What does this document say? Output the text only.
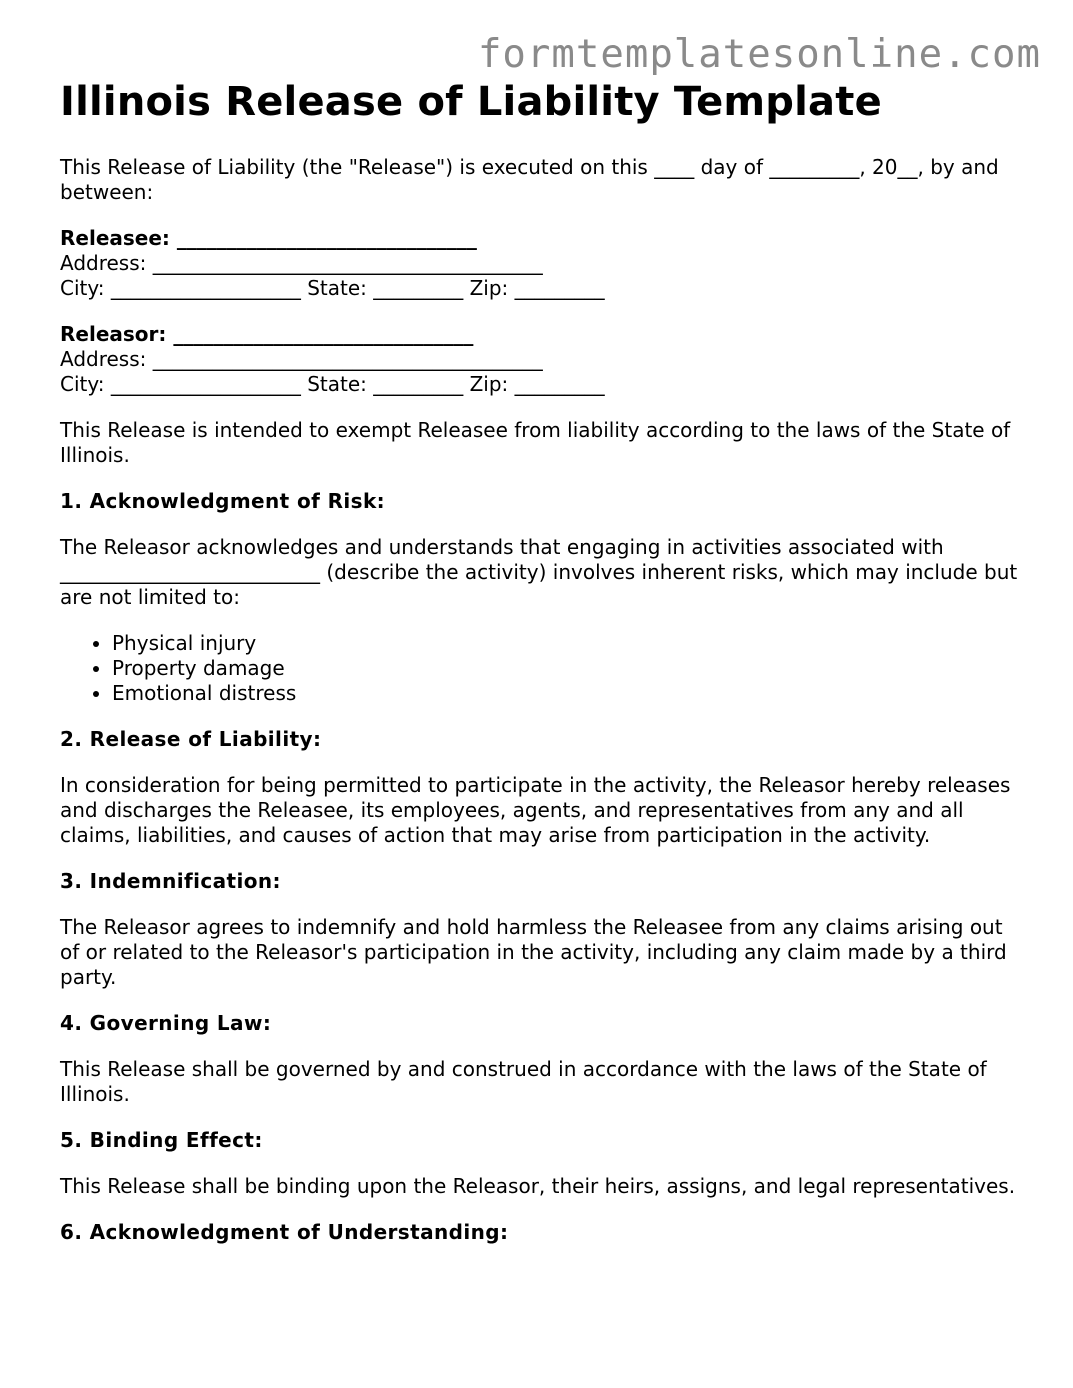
formtemplatesonline.com
Illinois Release of Liability Template

This Release of Liability (the "Release") is executed on this ____ day of _________, 20__, by and between:

Releasee: ______________________________
Address: _______________________________________
City: ___________________ State: _________ Zip: _________
Releasor: ______________________________
Address: _______________________________________
City: ___________________ State: _________ Zip: _________

This Release is intended to exempt Releasee from liability according to the laws of the State of Illinois.

1. Acknowledgment of Risk:

The Releasor acknowledges and understands that engaging in activities associated with __________________________ (describe the activity) involves inherent risks, which may include but are not limited to:

• Physical injury
• Property damage
• Emotional distress
2. Release of Liability:

In consideration for being permitted to participate in the activity, the Releasor hereby releases and discharges the Releasee, its employees, agents, and representatives from any and all claims, liabilities, and causes of action that may arise from participation in the activity.

3. Indemnification:

The Releasor agrees to indemnify and hold harmless the Releasee from any claims arising out of or related to the Releasor's participation in the activity, including any claim made by a third party.

4. Governing Law:

This Release shall be governed by and construed in accordance with the laws of the State of Illinois.

5. Binding Effect:

This Release shall be binding upon the Releasor, their heirs, assigns, and legal representatives.

6. Acknowledgment of Understanding:
